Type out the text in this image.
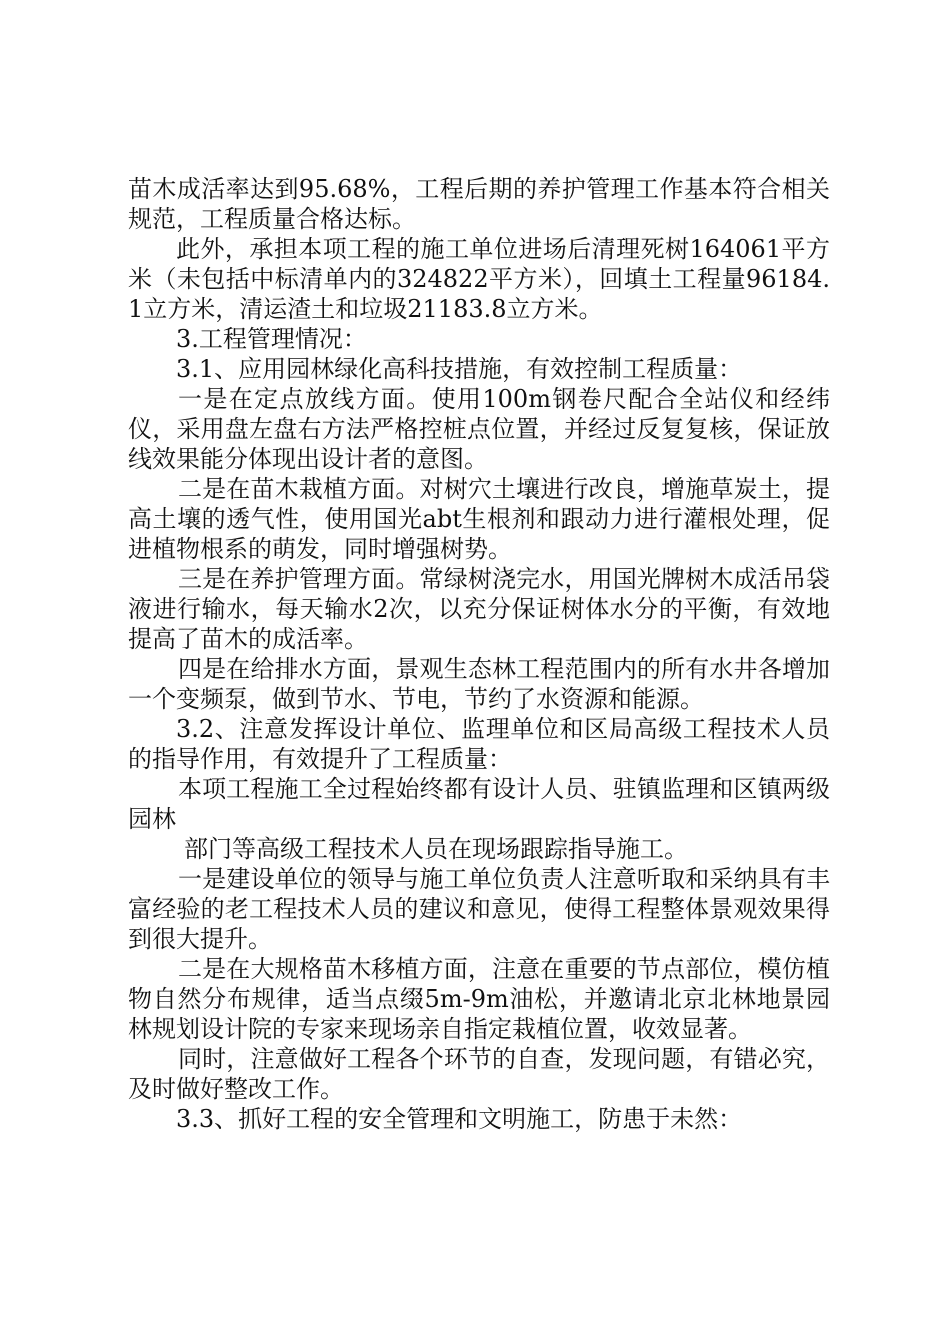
苗木成活率达到95.68%，工程后期的养护管理工作基本符合相关规范，工程质量合格达标。

此外，承担本项工程的施工单位进场后清理死树164061平方米（未包括中标清单内的324822平方米），回填土工程量96184.1立方米，清运渣土和垃圾21183.8立方米。

3.工程管理情况：

3.1、应用园林绿化高科技措施，有效控制工程质量：

一是在定点放线方面。使用100m钢卷尺配合全站仪和经纬仪，采用盘左盘右方法严格控桩点位置，并经过反复复核，保证放线效果能分体现出设计者的意图。

二是在苗木栽植方面。对树穴土壤进行改良，增施草炭土，提高土壤的透气性，使用国光abt生根剂和跟动力进行灌根处理，促进植物根系的萌发，同时增强树势。

三是在养护管理方面。常绿树浇完水，用国光牌树木成活吊袋液进行输水，每天输水2次，以充分保证树体水分的平衡，有效地提高了苗木的成活率。

四是在给排水方面，景观生态林工程范围内的所有水井各增加一个变频泵，做到节水、节电，节约了水资源和能源。

3.2、注意发挥设计单位、监理单位和区局高级工程技术人员的指导作用，有效提升了工程质量：

本项工程施工全过程始终都有设计人员、驻镇监理和区镇两级园林

部门等高级工程技术人员在现场跟踪指导施工。

一是建设单位的领导与施工单位负责人注意听取和采纳具有丰富经验的老工程技术人员的建议和意见，使得工程整体景观效果得到很大提升。

二是在大规格苗木移植方面，注意在重要的节点部位，模仿植物自然分布规律，适当点缀5m-9m油松，并邀请北京北林地景园林规划设计院的专家来现场亲自指定栽植位置，收效显著。

同时，注意做好工程各个环节的自查，发现问题，有错必究，及时做好整改工作。

3.3、抓好工程的安全管理和文明施工，防患于未然：
